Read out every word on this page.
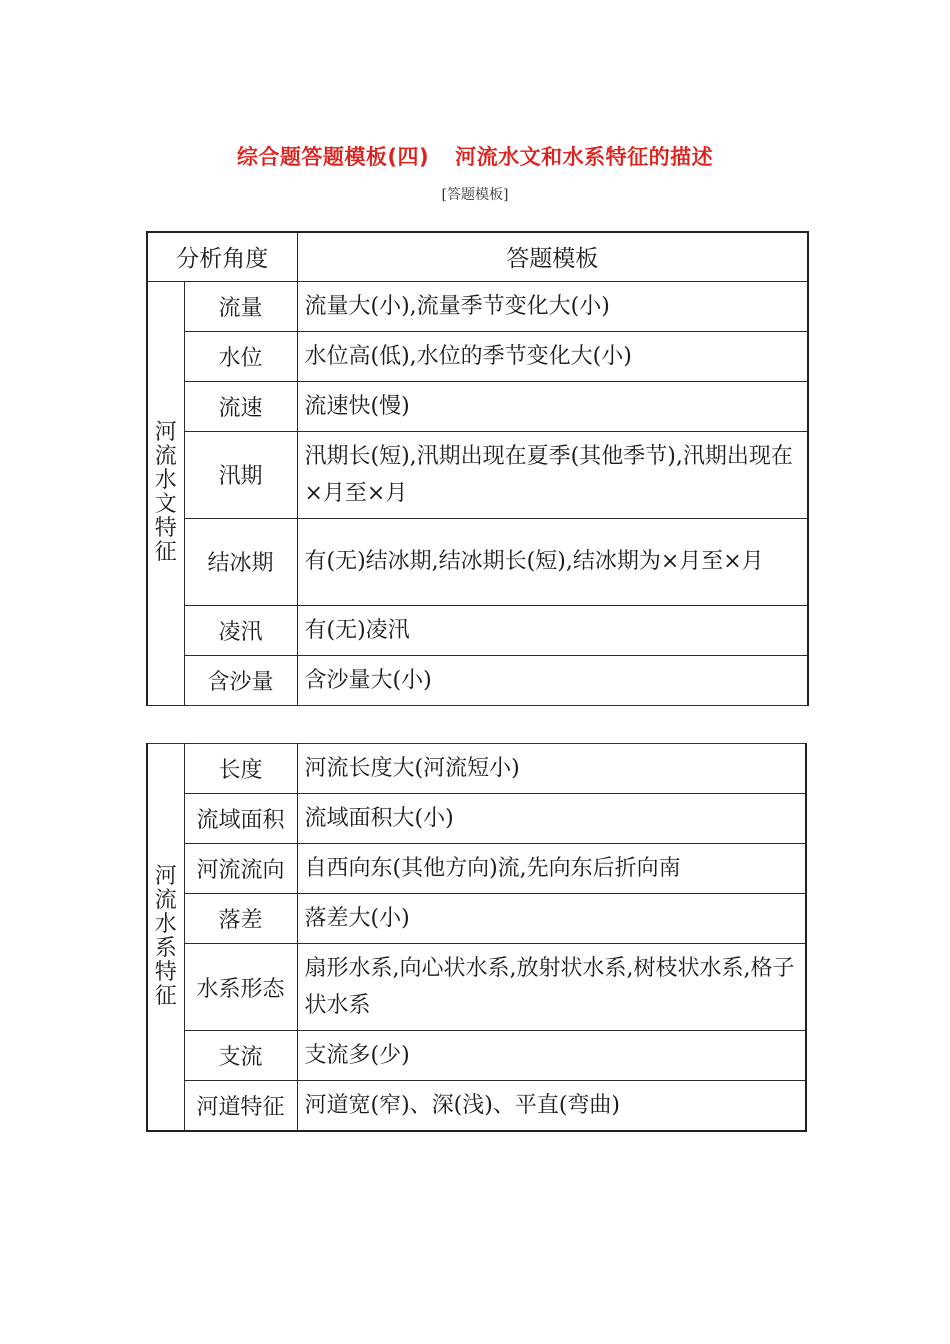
综合题答题模板(四) 河流水文和水系特征的描述
[答题模板]
分析角度		答题模板
河流水文特征	流量	流量大(小),流量季节变化大(小)
	水位	水位高(低),水位的季节变化大(小)
	流速	流速快(慢)
	汛期	汛期长(短),汛期出现在夏季(其他季节),汛期出现在×月至×月
	结冰期	有(无)结冰期,结冰期长(短),结冰期为×月至×月
	凌汛	有(无)凌汛
	含沙量	含沙量大(小)
河流水系特征	长度	河流长度大(河流短小)
	流域面积	流域面积大(小)
	河流流向	自西向东(其他方向)流,先向东后折向南
	落差	落差大(小)
	水系形态	扇形水系,向心状水系,放射状水系,树枝状水系,格子状水系
	支流	支流多(少)
	河道特征	河道宽(窄)、深(浅)、平直(弯曲)
